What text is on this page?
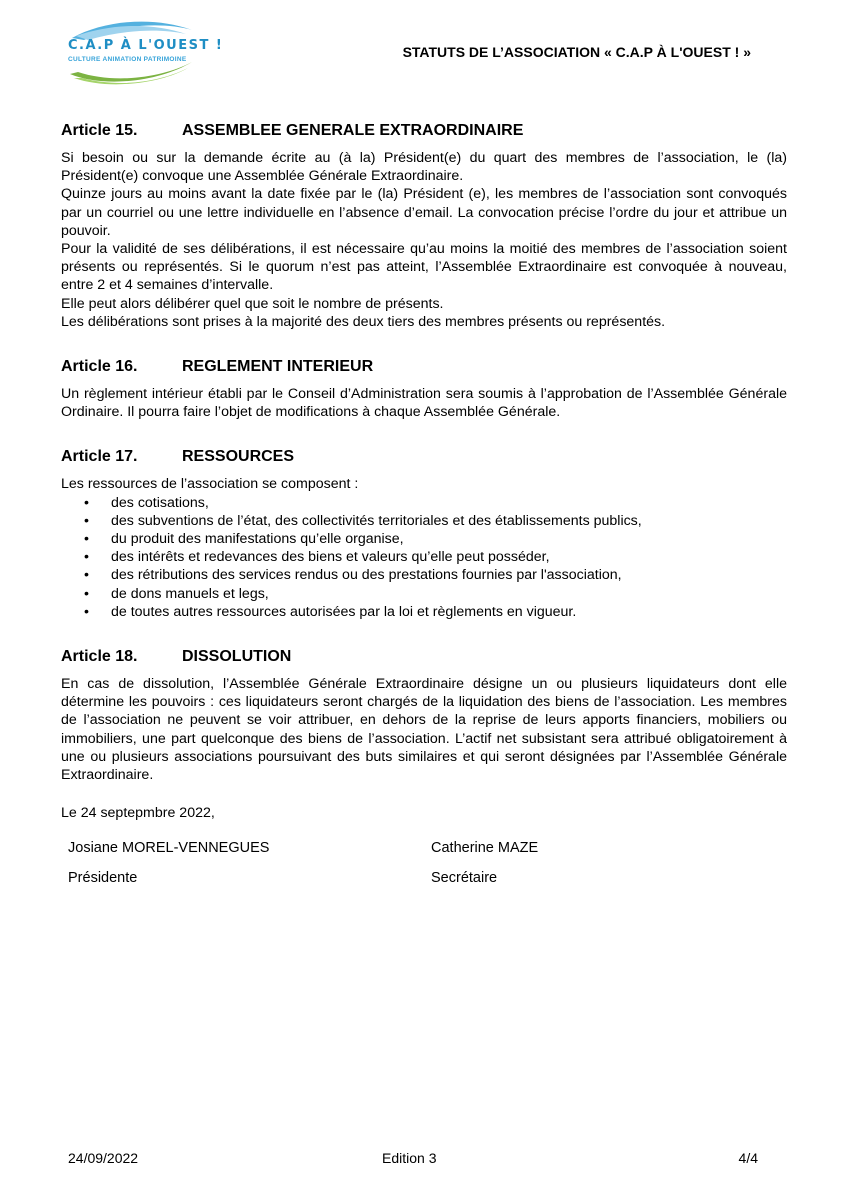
C.A.P À L'OUEST !
CULTURE ANIMATION PATRIMOINE	STATUTS DE L’ASSOCIATION « C.A.P À L'OUEST ! »
Article 15.	ASSEMBLEE GENERALE EXTRAORDINAIRE

Si besoin ou sur la demande écrite au (à la) Président(e) du quart des membres de l’association, le (la) Président(e) convoque une Assemblée Générale Extraordinaire.

Quinze jours au moins avant la date fixée par le (la) Président (e), les membres de l’association sont convoqués par un courriel ou une lettre individuelle en l’absence d’email. La convocation précise l’ordre du jour et attribue un pouvoir.

Pour la validité de ses délibérations, il est nécessaire qu’au moins la moitié des membres de l’association soient présents ou représentés. Si le quorum n’est pas atteint, l’Assemblée Extraordinaire est convoquée à nouveau, entre 2 et 4 semaines d’intervalle.

Elle peut alors délibérer quel que soit le nombre de présents.

Les délibérations sont prises à la majorité des deux tiers des membres présents ou représentés.

Article 16.	REGLEMENT INTERIEUR

Un règlement intérieur établi par le Conseil d’Administration sera soumis à l’approbation de l’Assemblée Générale Ordinaire. Il pourra faire l’objet de modifications à chaque Assemblée Générale.

Article 17.	RESSOURCES

Les ressources de l’association se composent :

• des cotisations,
• des subventions de l’état, des collectivités territoriales et des établissements publics,
• du produit des manifestations qu’elle organise,
• des intérêts et redevances des biens et valeurs qu’elle peut posséder,
• des rétributions des services rendus ou des prestations fournies par l'association,
• de dons manuels et legs,
• de toutes autres ressources autorisées par la loi et règlements en vigueur.
Article 18.	DISSOLUTION

En cas de dissolution, l’Assemblée Générale Extraordinaire désigne un ou plusieurs liquidateurs dont elle détermine les pouvoirs : ces liquidateurs seront chargés de la liquidation des biens de l’association. Les membres de l’association ne peuvent se voir attribuer, en dehors de la reprise de leurs apports financiers, mobiliers ou immobiliers, une part quelconque des biens de l’association. L’actif net subsistant sera attribué obligatoirement à une ou plusieurs associations poursuivant des buts similaires et qui seront désignées par l’Assemblée Générale Extraordinaire.

Le 24 septepmbre 2022,

Josiane MOREL-VENNEGUES
Présidente
Catherine MAZE
Secrétaire
24/09/2022	Edition 3	4/4
